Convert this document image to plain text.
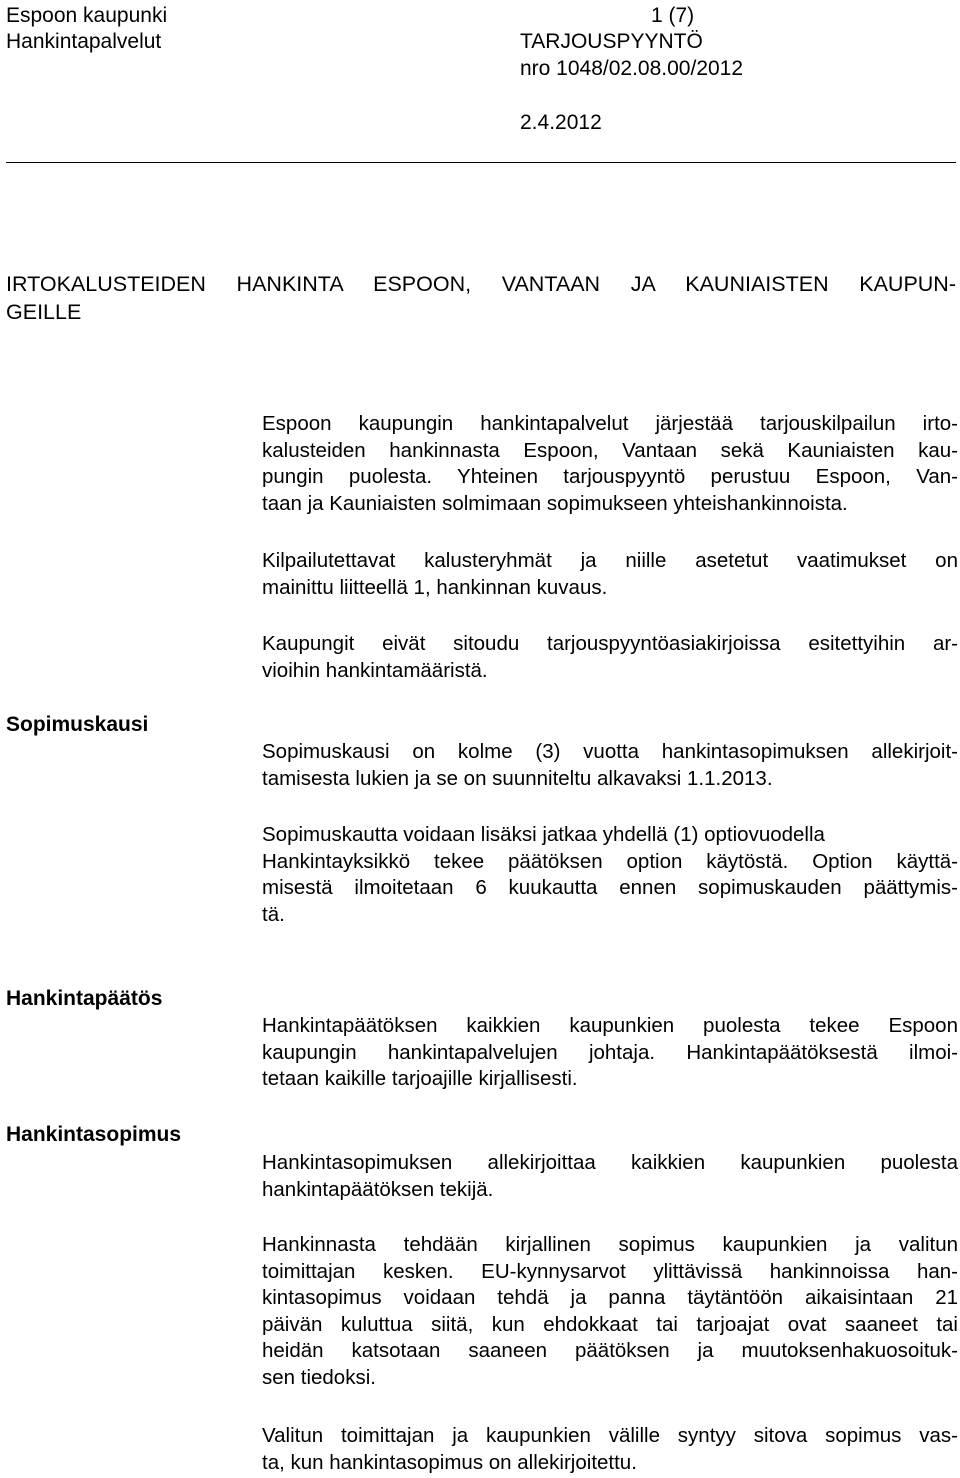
Espoon kaupunki
Hankintapalvelut
1 (7)
TARJOUSPYYNTÖ
nro 1048/02.08.00/2012
2.4.2012
IRTOKALUSTEIDEN HANKINTA ESPOON, VANTAAN JA KAUNIAISTEN KAUPUN-
GEILLE
Espoon kaupungin hankintapalvelut järjestää tarjouskilpailun irto-
kalusteiden hankinnasta Espoon, Vantaan sekä Kauniaisten kau-
pungin puolesta. Yhteinen tarjouspyyntö perustuu Espoon, Van-
taan ja Kauniaisten solmimaan sopimukseen yhteishankinnoista.
Kilpailutettavat kalusteryhmät ja niille asetetut vaatimukset on
mainittu liitteellä 1, hankinnan kuvaus.
Kaupungit eivät sitoudu tarjouspyyntöasiakirjoissa esitettyihin ar-
vioihin hankintamääristä.
Sopimuskausi
Sopimuskausi on kolme (3) vuotta hankintasopimuksen allekirjoit-
tamisesta lukien ja se on suunniteltu alkavaksi 1.1.2013.
Sopimuskautta voidaan lisäksi jatkaa yhdellä (1) optiovuodella
Hankintayksikkö tekee päätöksen option käytöstä. Option käyttä-
misestä ilmoitetaan 6 kuukautta ennen sopimuskauden päättymis-
tä.
Hankintapäätös
Hankintapäätöksen kaikkien kaupunkien puolesta tekee Espoon
kaupungin hankintapalvelujen johtaja. Hankintapäätöksestä ilmoi-
tetaan kaikille tarjoajille kirjallisesti.
Hankintasopimus
Hankintasopimuksen allekirjoittaa kaikkien kaupunkien puolesta
hankintapäätöksen tekijä.
Hankinnasta tehdään kirjallinen sopimus kaupunkien ja valitun
toimittajan kesken. EU-kynnysarvot ylittävissä hankinnoissa han-
kintasopimus voidaan tehdä ja panna täytäntöön aikaisintaan 21
päivän kuluttua siitä, kun ehdokkaat tai tarjoajat ovat saaneet tai
heidän katsotaan saaneen päätöksen ja muutoksenhakuosoituk-
sen tiedoksi.
Valitun toimittajan ja kaupunkien välille syntyy sitova sopimus vas-
ta, kun hankintasopimus on allekirjoitettu.
